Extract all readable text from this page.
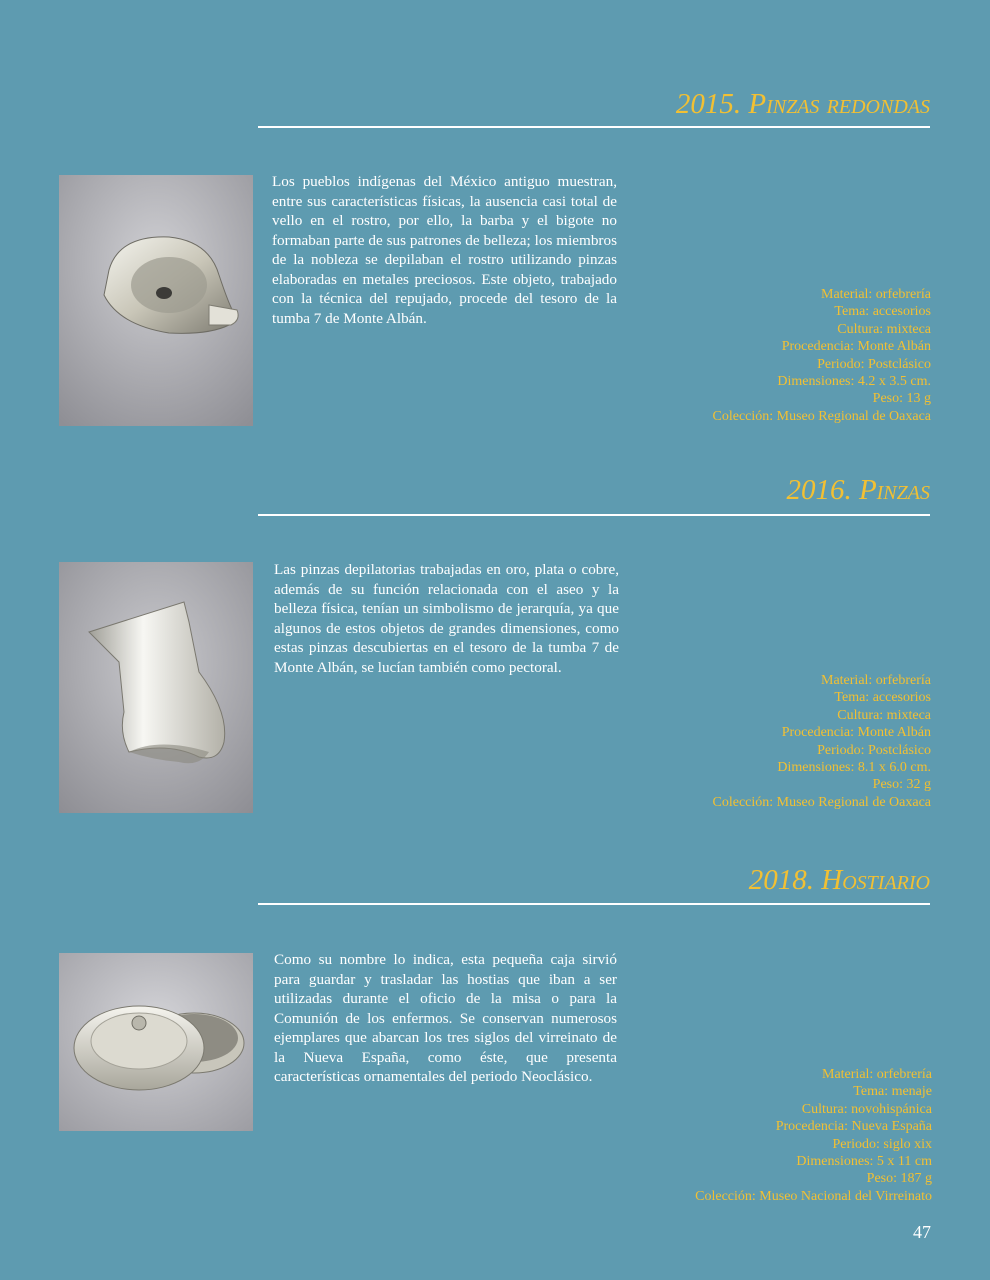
2015. Pinzas redondas

Los pueblos indígenas del México antiguo muestran, entre sus características físicas, la ausencia casi total de vello en el rostro, por ello, la barba y el bigote no formaban parte de sus patrones de belleza; los miembros de la nobleza se depilaban el rostro utilizando pinzas elaboradas en metales preciosos. Este objeto, trabajado con la técnica del repujado, procede del tesoro de la tumba 7 de Monte Albán.

Material: orfebrería
Tema: accesorios
Cultura: mixteca
Procedencia: Monte Albán
Periodo: Postclásico
Dimensiones: 4.2 x 3.5 cm.
Peso: 13 g
Colección: Museo Regional de Oaxaca
2016. Pinzas

Las pinzas depilatorias trabajadas en oro, plata o cobre, además de su función relacionada con el aseo y la belleza física, tenían un simbolismo de jerarquía, ya que algunos de estos objetos de grandes dimensiones, como estas pinzas descubiertas en el tesoro de la tumba 7 de Monte Albán, se lucían también como pectoral.

Material: orfebrería
Tema: accesorios
Cultura: mixteca
Procedencia: Monte Albán
Periodo: Postclásico
Dimensiones: 8.1 x 6.0 cm.
Peso: 32 g
Colección: Museo Regional de Oaxaca
2018. Hostiario

Como su nombre lo indica, esta pequeña caja sirvió para guardar y trasladar las hostias que iban a ser utilizadas durante el oficio de la misa o para la Comunión de los enfermos. Se conservan numerosos ejemplares que abarcan los tres siglos del virreinato de la Nueva España, como éste, que presenta características ornamentales del periodo Neoclásico.	Material: orfebrería
Tema: menaje
Cultura: novohispánica
Procedencia: Nueva España
Periodo: siglo xix
Dimensiones: 5 x 11 cm
Peso: 187 g
Colección: Museo Nacional del Virreinato
47
